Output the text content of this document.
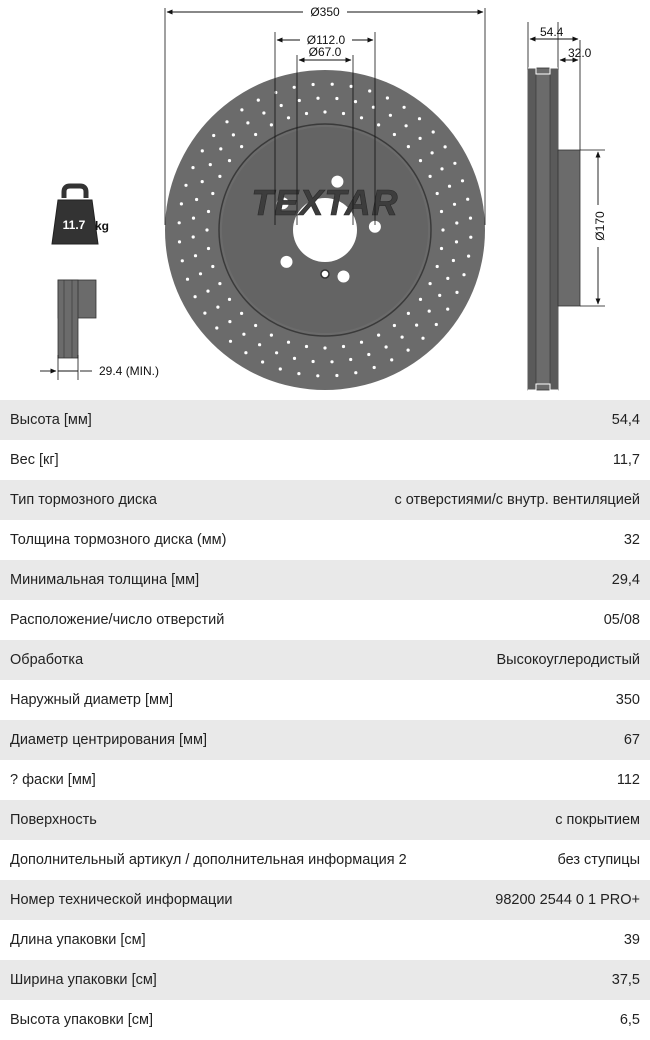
TEXTAR
Ø350
Ø112.0
Ø67.0
54.4
32.0
Ø170
11.7 kg
29.4 (MIN.)
Высота [мм]	54,4
Вес [кг]	11,7
Тип тормозного диска	с отверстиями/с внутр. вентиляцией
Толщина тормозного диска (мм)	32
Минимальная толщина [мм]	29,4
Расположение/число отверстий	05/08
Обработка	Высокоуглеродистый
Наружный диаметр [мм]	350
Диаметр центрирования [мм]	67
? фаски [мм]	112
Поверхность	с покрытием
Дополнительный артикул / дополнительная информация 2	без ступицы
Номер технической информации	98200 2544 0 1 PRO+
Длина упаковки [см]	39
Ширина упаковки [см]	37,5
Высота упаковки [см]	6,5
